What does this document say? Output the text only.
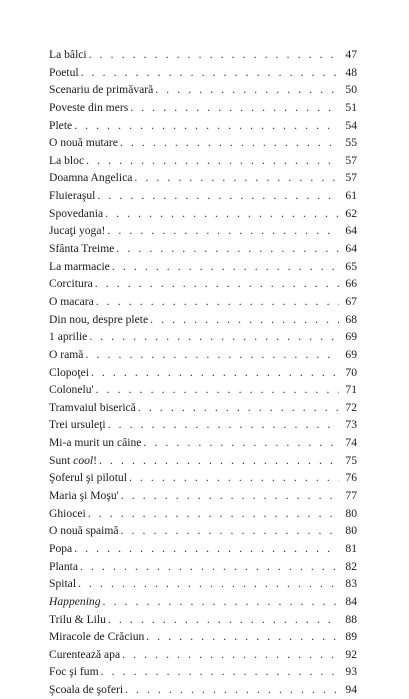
La bâlci . . .	47
Poetul . . .	48
Scenariu de primăvară . . .	50
Poveste din mers . . .	51
Plete . . .	54
O nouă mutare . . .	55
La bloc . . .	57
Doamna Angelica . . .	57
Fluieraşul . . .	61
Spovedania . . .	62
Jucaţi yoga! . . .	64
Sfânta Treime . . .	64
La marmacie . . .	65
Corcitura . . .	66
O macara . . .	67
Din nou, despre plete . . .	68
1 aprilie . . .	69
O ramă . . .	69
Clopoţei . . .	70
Colonelu' . . .	71
Tramvaiul biserică . . .	72
Trei ursuleţi . . .	73
Mi-a murit un câine . . .	74
Sunt cool! . . .	75
Şoferul şi pilotul . . .	76
Maria şi Moşu' . . .	77
Ghiocei . . .	80
O nouă spaimă . . .	80
Popa . . .	81
Planta . . .	82
Spital . . .	83
Happening . . .	84
Trilu & Lilu . . .	88
Miracole de Crăciun . . .	89
Curentează apa . . .	92
Foc şi fum . . .	93
Şcoala de şoferi . . .	94
